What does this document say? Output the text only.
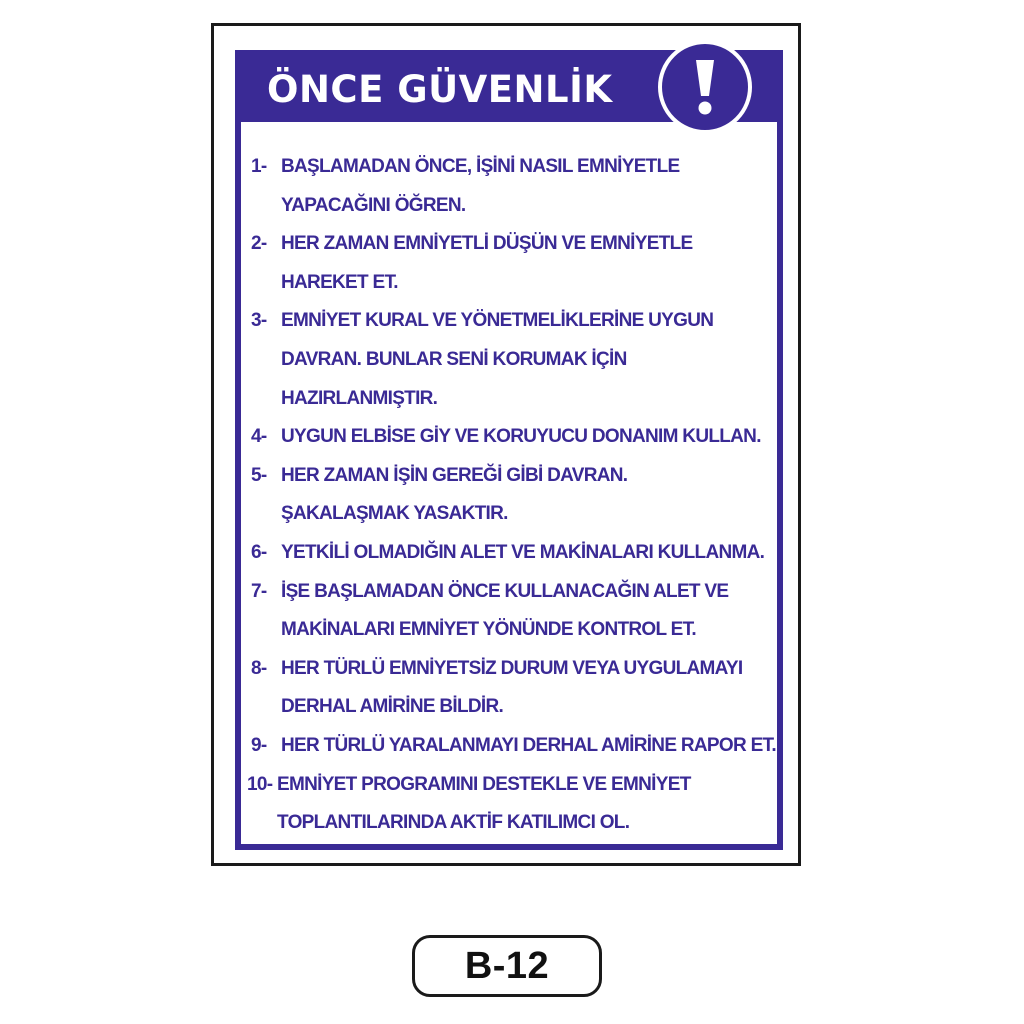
ÖNCE GÜVENLİK
1- BAŞLAMADAN ÖNCE, İŞİNİ NASIL EMNİYETLE
YAPACAĞINI ÖĞREN.
2- HER ZAMAN EMNİYETLİ DÜŞÜN VE EMNİYETLE
HAREKET ET.
3- EMNİYET KURAL VE YÖNETMELİKLERİNE UYGUN
DAVRAN. BUNLAR SENİ KORUMAK İÇİN
HAZIRLANMIŞTIR.
4- UYGUN ELBİSE GİY VE KORUYUCU DONANIM KULLAN.
5- HER ZAMAN İŞİN GEREĞİ GİBİ DAVRAN.
ŞAKALAŞMAK YASAKTIR.
6- YETKİLİ OLMADIĞIN ALET VE MAKİNALARI KULLANMA.
7- İŞE BAŞLAMADAN ÖNCE KULLANACAĞIN ALET VE
MAKİNALARI EMNİYET YÖNÜNDE KONTROL ET.
8- HER TÜRLÜ EMNİYETSİZ DURUM VEYA UYGULAMAYI
DERHAL AMİRİNE BİLDİR.
9- HER TÜRLÜ YARALANMAYI DERHAL AMİRİNE RAPOR ET.
10- EMNİYET PROGRAMINI DESTEKLE VE EMNİYET
TOPLANTILARINDA AKTİF KATILIMCI OL.
B-12
